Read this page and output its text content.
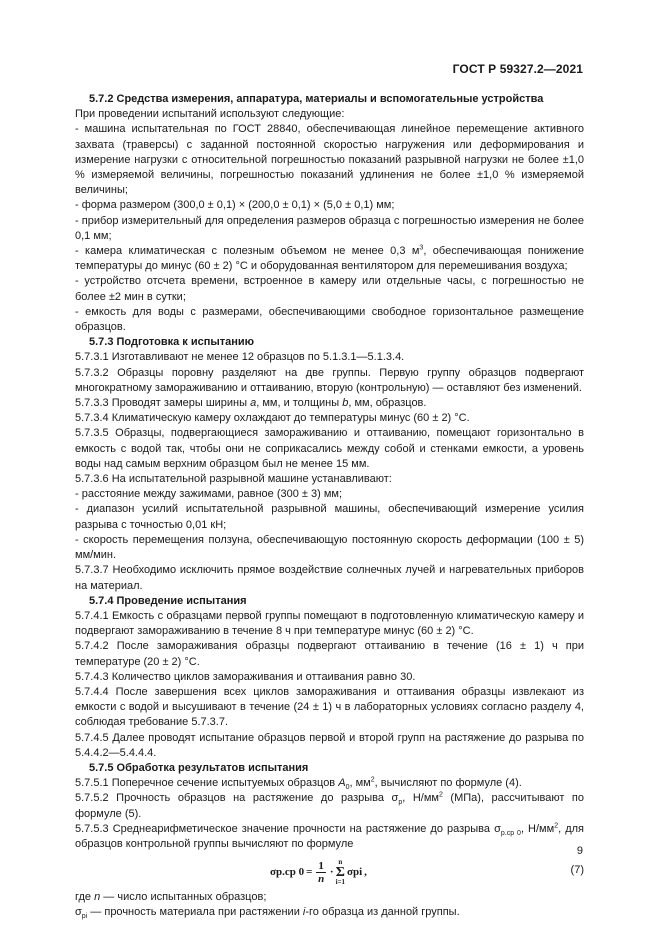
ГОСТ Р 59327.2—2021

5.7.2 Средства измерения, аппаратура, материалы и вспомогательные устройства

При проведении испытаний используют следующие:

- машина испытательная по ГОСТ 28840, обеспечивающая линейное перемещение активного захвата (траверсы) с заданной постоянной скоростью нагружения или деформирования и измерение нагрузки с относительной погрешностью показаний разрывной нагрузки не более ±1,0 % измеряемой величины, погрешностью показаний удлинения не более ±1,0 % измеряемой величины;

- форма размером (300,0 ± 0,1) × (200,0 ± 0,1) × (5,0 ± 0,1) мм;

- прибор измерительный для определения размеров образца с погрешностью измерения не более 0,1 мм;

- камера климатическая с полезным объемом не менее 0,3 $м^3$, обеспечивающая понижение температуры до минус (60 ± 2) °C и оборудованная вентилятором для перемешивания воздуха;

- устройство отсчета времени, встроенное в камеру или отдельные часы, с погрешностью не более ±2 мин в сутки;

- емкость для воды с размерами, обеспечивающими свободное горизонтальное размещение образцов.

5.7.3 Подготовка к испытанию

5.7.3.1 Изготавливают не менее 12 образцов по 5.1.3.1—5.1.3.4.

5.7.3.2 Образцы поровну разделяют на две группы. Первую группу образцов подвергают многократному замораживанию и оттаиванию, вторую (контрольную) — оставляют без изменений.

5.7.3.3 Проводят замеры ширины a, мм, и толщины b, мм, образцов.

5.7.3.4 Климатическую камеру охлаждают до температуры минус (60 ± 2) °C.

5.7.3.5 Образцы, подвергающиеся замораживанию и оттаиванию, помещают горизонтально в емкость с водой так, чтобы они не соприкасались между собой и стенками емкости, а уровень воды над самым верхним образцом был не менее 15 мм.

5.7.3.6 На испытательной разрывной машине устанавливают:

- расстояние между зажимами, равное (300 ± 3) мм;

- диапазон усилий испытательной разрывной машины, обеспечивающий измерение усилия разрыва с точностью 0,01 кН;

- скорость перемещения ползуна, обеспечивающую постоянную скорость деформации (100 ± 5) мм/мин.

5.7.3.7 Необходимо исключить прямое воздействие солнечных лучей и нагревательных приборов на материал.

5.7.4 Проведение испытания

5.7.4.1 Емкость с образцами первой группы помещают в подготовленную климатическую камеру и подвергают замораживанию в течение 8 ч при температуре минус (60 ± 2) °C.

5.7.4.2 После замораживания образцы подвергают оттаиванию в течение (16 ± 1) ч при температуре (20 ± 2) °C.

5.7.4.3 Количество циклов замораживания и оттаивания равно 30.

5.7.4.4 После завершения всех циклов замораживания и оттаивания образцы извлекают из емкости с водой и высушивают в течение (24 ± 1) ч в лабораторных условиях согласно разделу 4, соблюдая требование 5.7.3.7.

5.7.4.5 Далее проводят испытание образцов первой и второй групп на растяжение до разрыва по 5.4.4.2—5.4.4.4.

5.7.5 Обработка результатов испытания

5.7.5.1 Поперечное сечение испытуемых образцов $A_0$, $мм^2$, вычисляют по формуле (4).

5.7.5.2 Прочность образцов на растяжение до разрыва $\sigma_р$, $Н/мм^2$ (МПа), рассчитывают по формуле (5).

5.7.5.3 Среднеарифметическое значение прочности на растяжение до разрыва $\sigma_{р.ср 0}$, $Н/мм^2$, для образцов контрольной группы вычисляют по формуле

σр.ср $0 = \frac{1}{n}$ ·
n
Σ
i=1
σpi ,	(7)

где n — число испытанных образцов;

$\sigma_{pi}$ — прочность материала при растяжении i-го образца из данной группы.

9
